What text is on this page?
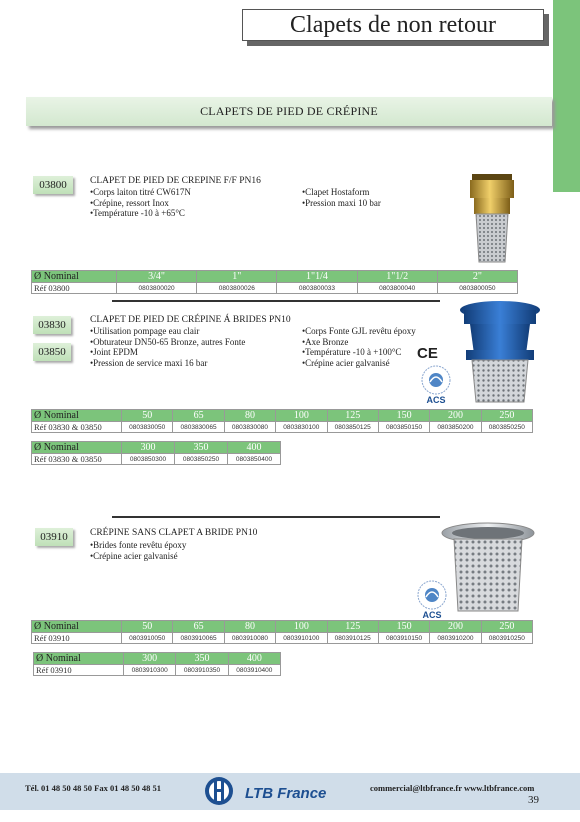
Clapets de non retour
CLAPETS DE PIED DE CRÉPINE
03800	CLAPET DE PIED DE CREPINE F/F PN16
• Corps laiton titré CW617N
• Crépine, ressort Inox
• Température -10 à +65°C
• Clapet Hostaform
• Pression maxi 10 bar
Ø Nominal	3/4"	1"	1"1/4	1"1/2	2"
Réf 03800	0803800020	0803800026	0803800033	0803800040	0803800050
03830
03850
CLAPET DE PIED DE CRÉPINE Á BRIDES PN10
• Utilisation pompage eau clair
• Obturateur DN50-65 Bronze, autres Fonte
• Joint EPDM
• Pression de service maxi 16 bar
• Corps Fonte GJL revêtu époxy
• Axe Bronze
• Température -10 à +100°C
• Crépine acier galvanisé
CE
ACS
Ø Nominal	50	65	80	100	125	150	200	250
Réf 03830 & 03850	0803830050	0803830065	0803830080	0803830100	0803850125	0803850150	0803850200	0803850250
Ø Nominal	300	350	400
Réf 03830 & 03850	0803850300	0803850250	0803850400
03910	CRÉPINE SANS CLAPET A BRIDE PN10
• Brides fonte revêtu époxy
• Crépine acier galvanisé
ACS
Ø Nominal	50	65	80	100	125	150	200	250
Réf 03910	0803910050	0803910065	0803910080	0803910100	0803910125	0803910150	0803910200	0803910250
Ø Nominal	300	350	400
Réf 03910	0803910300	0803910350	0803910400
Tél. 01 48 50 48 50 Fax 01 48 50 48 51	LTB France	commercial@ltbfrance.fr www.ltbfrance.com
39
